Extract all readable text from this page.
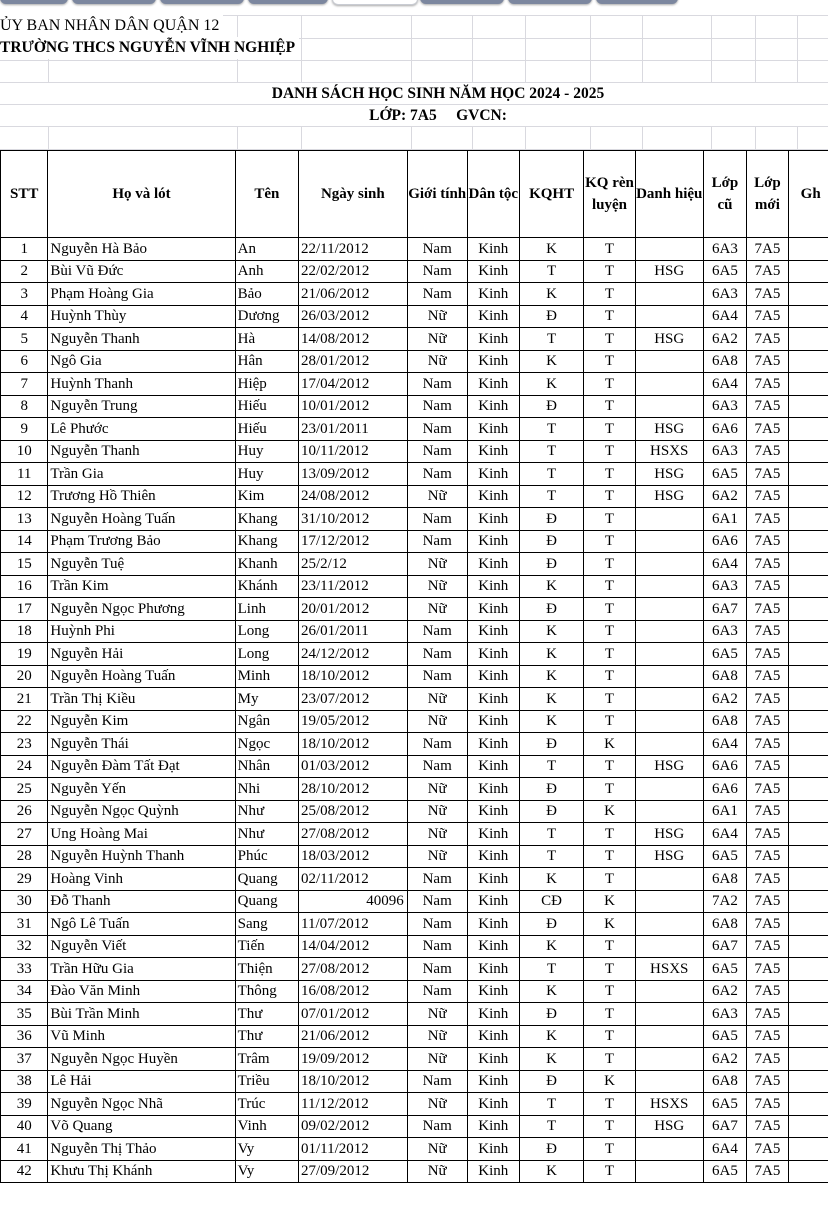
ỦY BAN NHÂN DÂN QUẬN 12
TRƯỜNG THCS NGUYỄN VĨNH NGHIỆP
DANH SÁCH HỌC SINH NĂM HỌC 2024 - 2025
LỚP: 7A5     GVCN:
STT	Họ và lót	Tên	Ngày sinh	Giới tính	Dân tộc	KQHT	KQ rèn luyện	Danh hiệu	Lớp cũ	Lớp mới	Gh
1	Nguyễn Hà Bảo	An	22/11/2012	Nam	Kinh	K	T		6A3	7A5	
2	Bùi Vũ Đức	Anh	22/02/2012	Nam	Kinh	T	T	HSG	6A5	7A5	
3	Phạm Hoàng Gia	Bảo	21/06/2012	Nam	Kinh	K	T		6A3	7A5	
4	Huỳnh Thùy	Dương	26/03/2012	Nữ	Kinh	Đ	T		6A4	7A5	
5	Nguyễn Thanh	Hà	14/08/2012	Nữ	Kinh	T	T	HSG	6A2	7A5	
6	Ngô Gia	Hân	28/01/2012	Nữ	Kinh	K	T		6A8	7A5	
7	Huỳnh Thanh	Hiệp	17/04/2012	Nam	Kinh	K	T		6A4	7A5	
8	Nguyễn Trung	Hiếu	10/01/2012	Nam	Kinh	Đ	T		6A3	7A5	
9	Lê Phước	Hiếu	23/01/2011	Nam	Kinh	T	T	HSG	6A6	7A5	
10	Nguyễn Thanh	Huy	10/11/2012	Nam	Kinh	T	T	HSXS	6A3	7A5	
11	Trần Gia	Huy	13/09/2012	Nam	Kinh	T	T	HSG	6A5	7A5	
12	Trương Hồ Thiên	Kim	24/08/2012	Nữ	Kinh	T	T	HSG	6A2	7A5	
13	Nguyễn Hoàng Tuấn	Khang	31/10/2012	Nam	Kinh	Đ	T		6A1	7A5	
14	Phạm Trương Bảo	Khang	17/12/2012	Nam	Kinh	Đ	T		6A6	7A5	
15	Nguyễn Tuệ	Khanh	25/2/12	Nữ	Kinh	Đ	T		6A4	7A5	
16	Trần Kim	Khánh	23/11/2012	Nữ	Kinh	K	T		6A3	7A5	
17	Nguyễn Ngọc Phương	Linh	20/01/2012	Nữ	Kinh	Đ	T		6A7	7A5	
18	Huỳnh Phi	Long	26/01/2011	Nam	Kinh	K	T		6A3	7A5	
19	Nguyễn Hải	Long	24/12/2012	Nam	Kinh	K	T		6A5	7A5	
20	Nguyễn Hoàng Tuấn	Minh	18/10/2012	Nam	Kinh	K	T		6A8	7A5	
21	Trần Thị Kiều	My	23/07/2012	Nữ	Kinh	K	T		6A2	7A5	
22	Nguyễn Kim	Ngân	19/05/2012	Nữ	Kinh	K	T		6A8	7A5	
23	Nguyễn Thái	Ngọc	18/10/2012	Nam	Kinh	Đ	K		6A4	7A5	
24	Nguyễn Đàm Tất Đạt	Nhân	01/03/2012	Nam	Kinh	T	T	HSG	6A6	7A5	
25	Nguyễn Yến	Nhi	28/10/2012	Nữ	Kinh	Đ	T		6A6	7A5	
26	Nguyễn Ngọc Quỳnh	Như	25/08/2012	Nữ	Kinh	Đ	K		6A1	7A5	
27	Ung Hoàng Mai	Như	27/08/2012	Nữ	Kinh	T	T	HSG	6A4	7A5	
28	Nguyễn Huỳnh Thanh	Phúc	18/03/2012	Nữ	Kinh	T	T	HSG	6A5	7A5	
29	Hoàng Vinh	Quang	02/11/2012	Nam	Kinh	K	T		6A8	7A5	
30	Đỗ Thanh	Quang	40096	Nam	Kinh	CĐ	K		7A2	7A5	
31	Ngô Lê Tuấn	Sang	11/07/2012	Nam	Kinh	Đ	K		6A8	7A5	
32	Nguyễn Viết	Tiến	14/04/2012	Nam	Kinh	K	T		6A7	7A5	
33	Trần Hữu Gia	Thiện	27/08/2012	Nam	Kinh	T	T	HSXS	6A5	7A5	
34	Đào Văn Minh	Thông	16/08/2012	Nam	Kinh	K	T		6A2	7A5	
35	Bùi Trần Minh	Thư	07/01/2012	Nữ	Kinh	Đ	T		6A3	7A5	
36	Vũ Minh	Thư	21/06/2012	Nữ	Kinh	K	T		6A5	7A5	
37	Nguyễn Ngọc Huyền	Trâm	19/09/2012	Nữ	Kinh	K	T		6A2	7A5	
38	Lê Hải	Triều	18/10/2012	Nam	Kinh	Đ	K		6A8	7A5	
39	Nguyễn Ngọc Nhã	Trúc	11/12/2012	Nữ	Kinh	T	T	HSXS	6A5	7A5	
40	Võ Quang	Vinh	09/02/2012	Nam	Kinh	T	T	HSG	6A7	7A5	
41	Nguyễn Thị Thảo	Vy	01/11/2012	Nữ	Kinh	Đ	T		6A4	7A5	
42	Khưu Thị Khánh	Vy	27/09/2012	Nữ	Kinh	K	T		6A5	7A5	
